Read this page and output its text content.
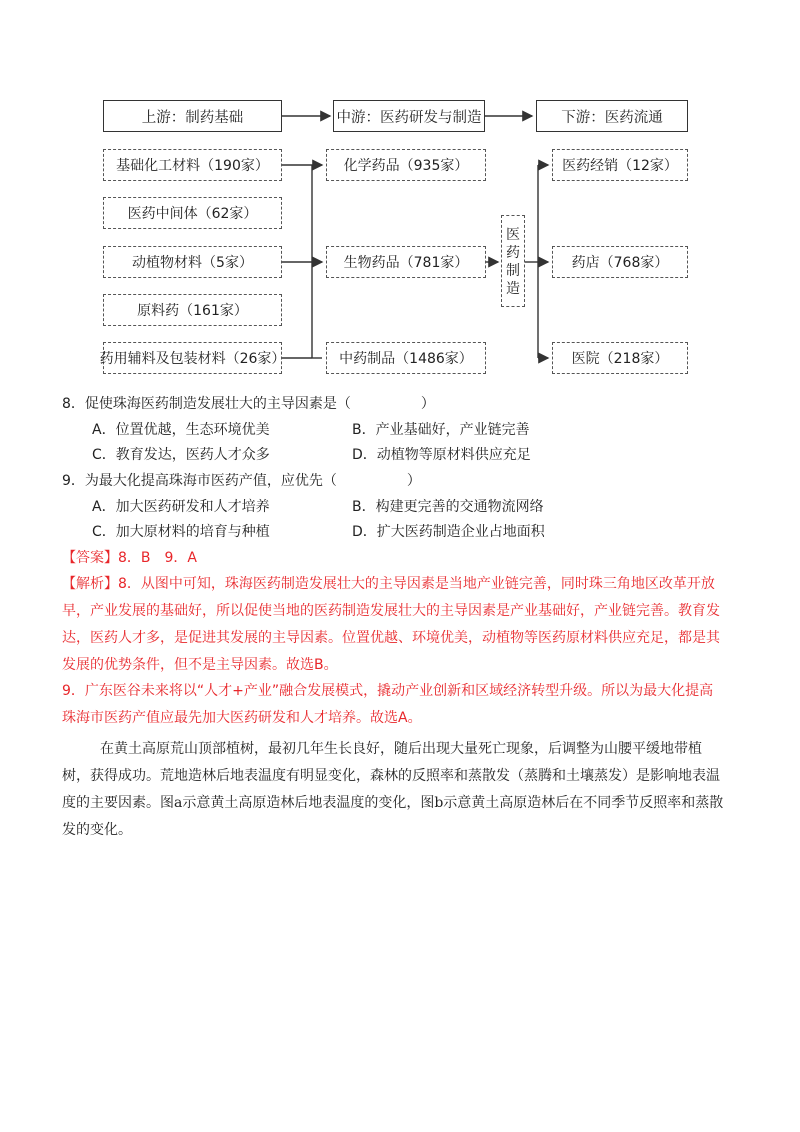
上游：制药基础	中游：医药研发与制造	下游：医药流通
基础化工材料（190家）
医药中间体（62家）
动植物材料（5家）
原料药（161家）
药用辅料及包装材料（26家）
化学药品（935家）
生物药品（781家）
中药制品（1486家）
医
药
制
造
医药经销（12家）
药店（768家）
医院（218家）
8．促使珠海医药制造发展壮大的主导因素是（　　　　　）
A．位置优越，生态环境优美	B．产业基础好，产业链完善
C．教育发达，医药人才众多	D．动植物等原材料供应充足
9．为最大化提高珠海市医药产值，应优先（　　　　　）
A．加大医药研发和人才培养	B．构建更完善的交通物流网络
C．加大原材料的培育与种植	D．扩大医药制造企业占地面积
【答案】8．B　9．A
【解析】8．从图中可知，珠海医药制造发展壮大的主导因素是当地产业链完善，同时珠三角地区改革开放早，产业发展的基础好，所以促使当地的医药制造发展壮大的主导因素是产业基础好，产业链完善。教育发达，医药人才多，是促进其发展的主导因素。位置优越、环境优美，动植物等医药原材料供应充足，都是其发展的优势条件，但不是主导因素。故选B。
9．广东医谷未来将以“人才+产业”融合发展模式，撬动产业创新和区域经济转型升级。所以为最大化提高珠海市医药产值应最先加大医药研发和人才培养。故选A。
在黄土高原荒山顶部植树，最初几年生长良好，随后出现大量死亡现象，后调整为山腰平缓地带植树，获得成功。荒地造林后地表温度有明显变化，森林的反照率和蒸散发（蒸腾和土壤蒸发）是影响地表温度的主要因素。图a示意黄土高原造林后地表温度的变化，图b示意黄土高原造林后在不同季节反照率和蒸散发的变化。
